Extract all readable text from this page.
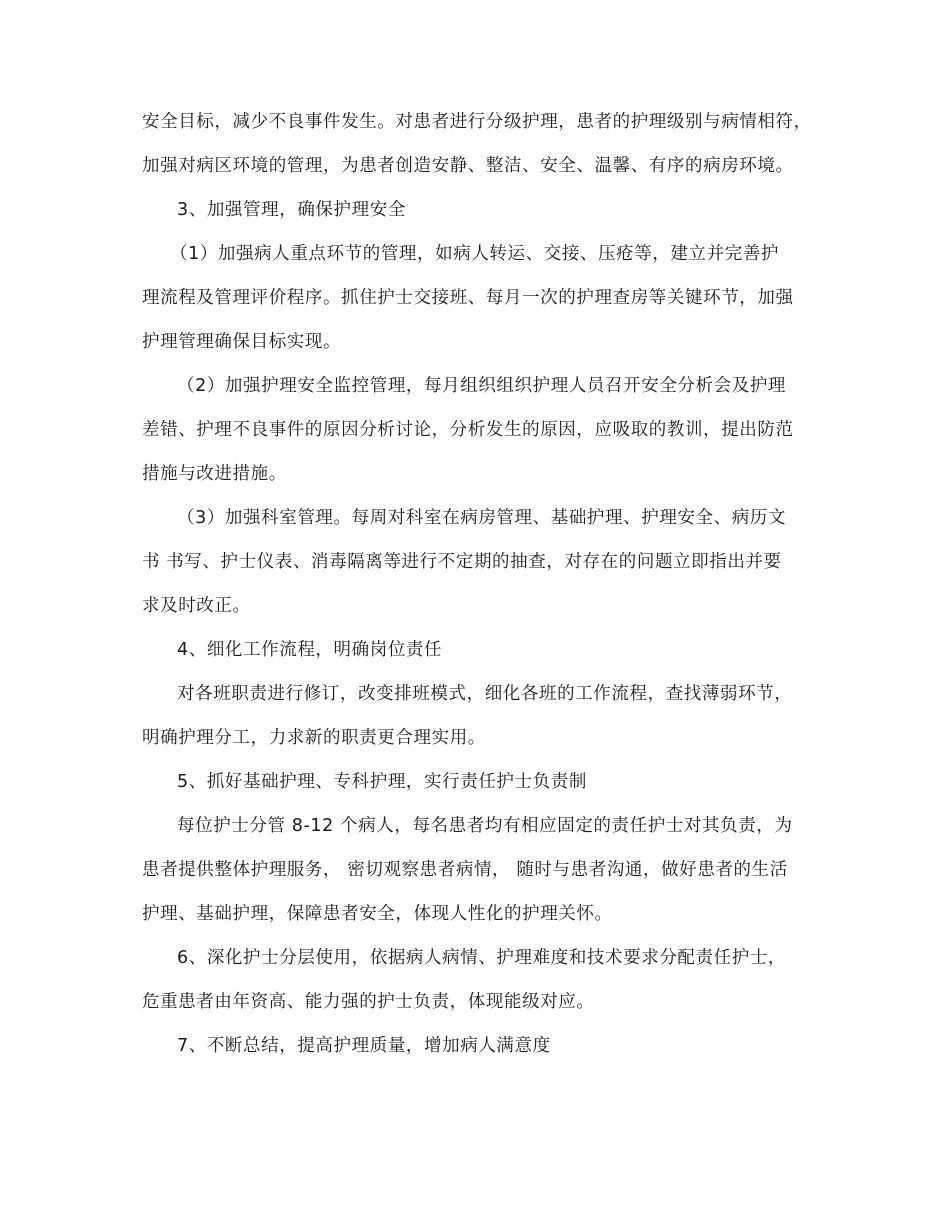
安全目标，减少不良事件发生。对患者进行分级护理，患者的护理级别与病情相符，
加强对病区环境的管理，为患者创造安静、整洁、安全、温馨、有序的病房环境。
3、加强管理，确保护理安全
（1）加强病人重点环节的管理，如病人转运、交接、压疮等，建立并完善护
理流程及管理评价程序。抓住护士交接班、每月一次的护理查房等关键环节，加强
护理管理确保目标实现。
（2）加强护理安全监控管理，每月组织组织护理人员召开安全分析会及护理
差错、护理不良事件的原因分析讨论，分析发生的原因，应吸取的教训，提出防范
措施与改进措施。
（3）加强科室管理。每周对科室在病房管理、基础护理、护理安全、病历文
书 书写、护士仪表、消毒隔离等进行不定期的抽查，对存在的问题立即指出并要
求及时改正。
4、细化工作流程，明确岗位责任
对各班职责进行修订，改变排班模式，细化各班的工作流程，查找薄弱环节，
明确护理分工，力求新的职责更合理实用。
5、抓好基础护理、专科护理，实行责任护士负责制
每位护士分管 8-12 个病人，每名患者均有相应固定的责任护士对其负责，为
患者提供整体护理服务， 密切观察患者病情， 随时与患者沟通，做好患者的生活
护理、基础护理，保障患者安全，体现人性化的护理关怀。
6、深化护士分层使用，依据病人病情、护理难度和技术要求分配责任护士，
危重患者由年资高、能力强的护士负责，体现能级对应。
7、不断总结，提高护理质量，增加病人满意度
